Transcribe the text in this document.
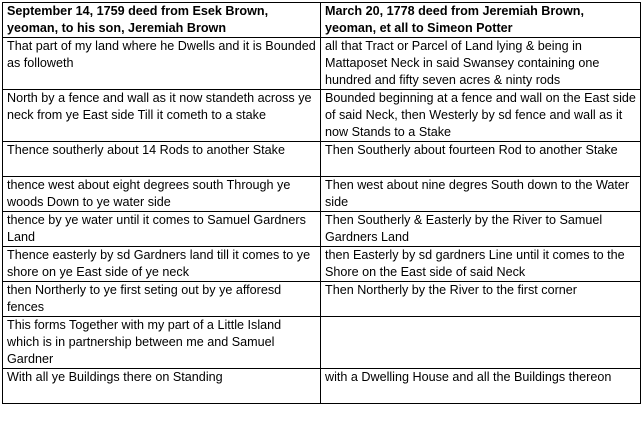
September 14, 1759 deed from Esek Brown, yeoman, to his son, Jeremiah Brown	March 20, 1778 deed from Jeremiah Brown, yeoman, et all to Simeon Potter
That part of my land where he Dwells and it is Bounded as followeth	all that Tract or Parcel of Land lying & being in Mattaposet Neck in said Swansey containing one hundred and fifty seven acres & ninty rods
North by a fence and wall as it now standeth across ye neck from ye East side Till it cometh to a stake	Bounded beginning at a fence and wall on the East side of said Neck, then Westerly by sd fence and wall as it now Stands to a Stake
Thence southerly about 14 Rods to another Stake	Then Southerly about fourteen Rod to another Stake
thence west about eight degrees south Through ye woods Down to ye water side	Then west about nine degres South down to the Water side
thence by ye water until it comes to Samuel Gardners Land	Then Southerly & Easterly by the River to Samuel Gardners Land
Thence easterly by sd Gardners land till it comes to ye shore on ye East side of ye neck	then Easterly by sd gardners Line until it comes to the Shore on the East side of said Neck
then Northerly to ye first seting out by ye afforesd fences	Then Northerly by the River to the first corner
This forms Together with my part of a Little Island which is in partnership between me and Samuel Gardner	
With all ye Buildings there on Standing	with a Dwelling House and all the Buildings thereon
